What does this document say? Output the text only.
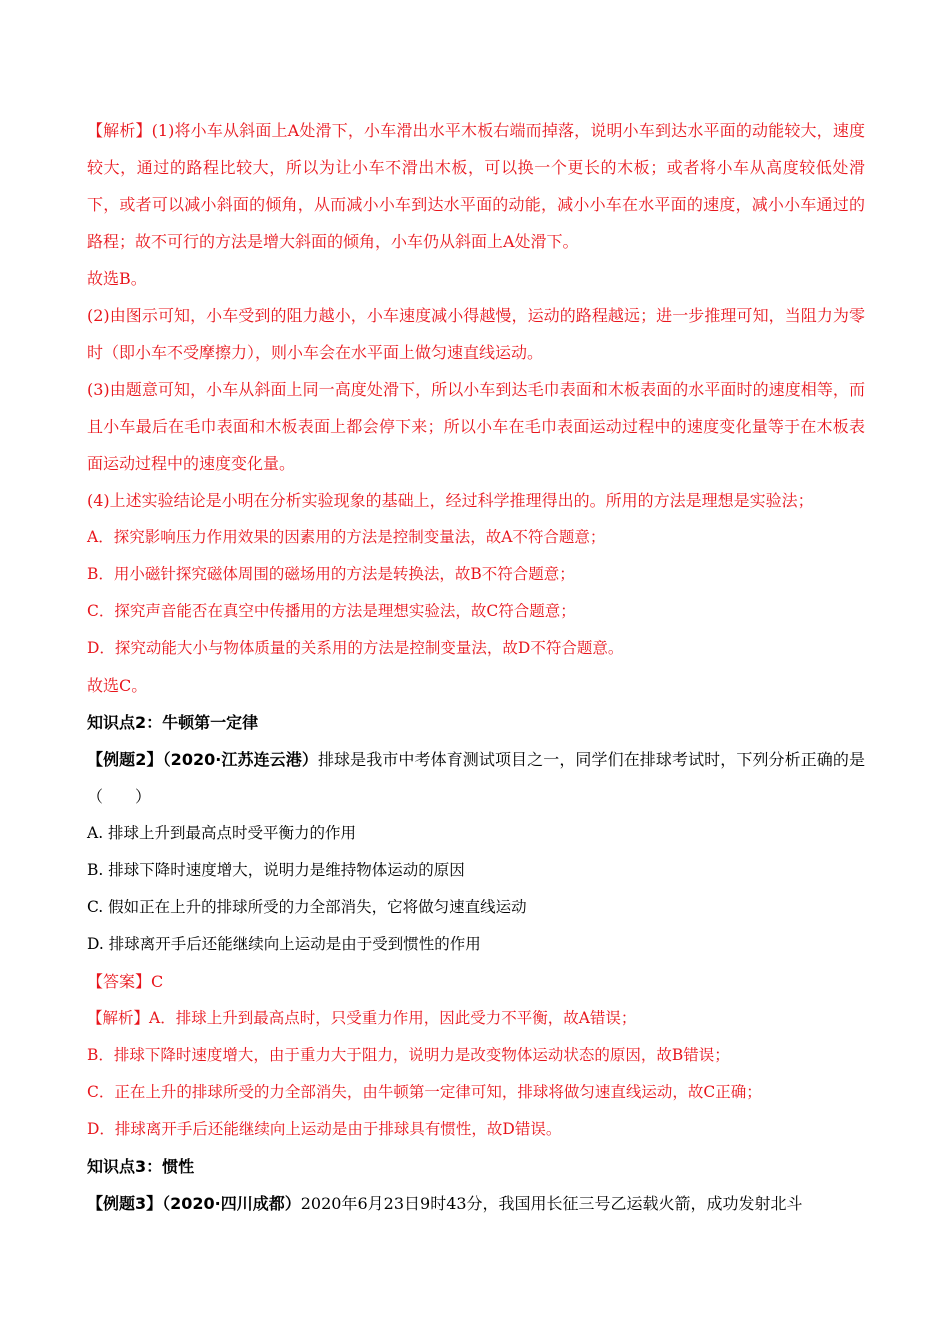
【解析】(1)将小车从斜面上A处滑下，小车滑出水平木板右端而掉落，说明小车到达水平面的动能较大，速度较大，通过的路程比较大，所以为让小车不滑出木板，可以换一个更长的木板；或者将小车从高度较低处滑下，或者可以减小斜面的倾角，从而减小小车到达水平面的动能，减小小车在水平面的速度，减小小车通过的路程；故不可行的方法是增大斜面的倾角，小车仍从斜面上A处滑下。

故选B。

(2)由图示可知，小车受到的阻力越小，小车速度减小得越慢，运动的路程越远；进一步推理可知，当阻力为零时（即小车不受摩擦力），则小车会在水平面上做匀速直线运动。

(3)由题意可知，小车从斜面上同一高度处滑下，所以小车到达毛巾表面和木板表面的水平面时的速度相等，而且小车最后在毛巾表面和木板表面上都会停下来；所以小车在毛巾表面运动过程中的速度变化量等于在木板表面运动过程中的速度变化量。

(4)上述实验结论是小明在分析实验现象的基础上，经过科学推理得出的。所用的方法是理想是实验法；

A．探究影响压力作用效果的因素用的方法是控制变量法，故A不符合题意；

B．用小磁针探究磁体周围的磁场用的方法是转换法，故B不符合题意；

C．探究声音能否在真空中传播用的方法是理想实验法，故C符合题意；

D．探究动能大小与物体质量的关系用的方法是控制变量法，故D不符合题意。

故选C。

知识点2：牛顿第一定律

【例题2】（2020·江苏连云港）排球是我市中考体育测试项目之一，同学们在排球考试时，下列分析正确的是（　　）

A. 排球上升到最高点时受平衡力的作用

B. 排球下降时速度增大，说明力是维持物体运动的原因

C. 假如正在上升的排球所受的力全部消失，它将做匀速直线运动

D. 排球离开手后还能继续向上运动是由于受到惯性的作用

【答案】C

【解析】A．排球上升到最高点时，只受重力作用，因此受力不平衡，故A错误；

B．排球下降时速度增大，由于重力大于阻力，说明力是改变物体运动状态的原因，故B错误；

C．正在上升的排球所受的力全部消失，由牛顿第一定律可知，排球将做匀速直线运动，故C正确；

D．排球离开手后还能继续向上运动是由于排球具有惯性，故D错误。

知识点3：惯性

【例题3】（2020·四川成都）2020年6月23日9时43分，我国用长征三号乙运载火箭，成功发射北斗
